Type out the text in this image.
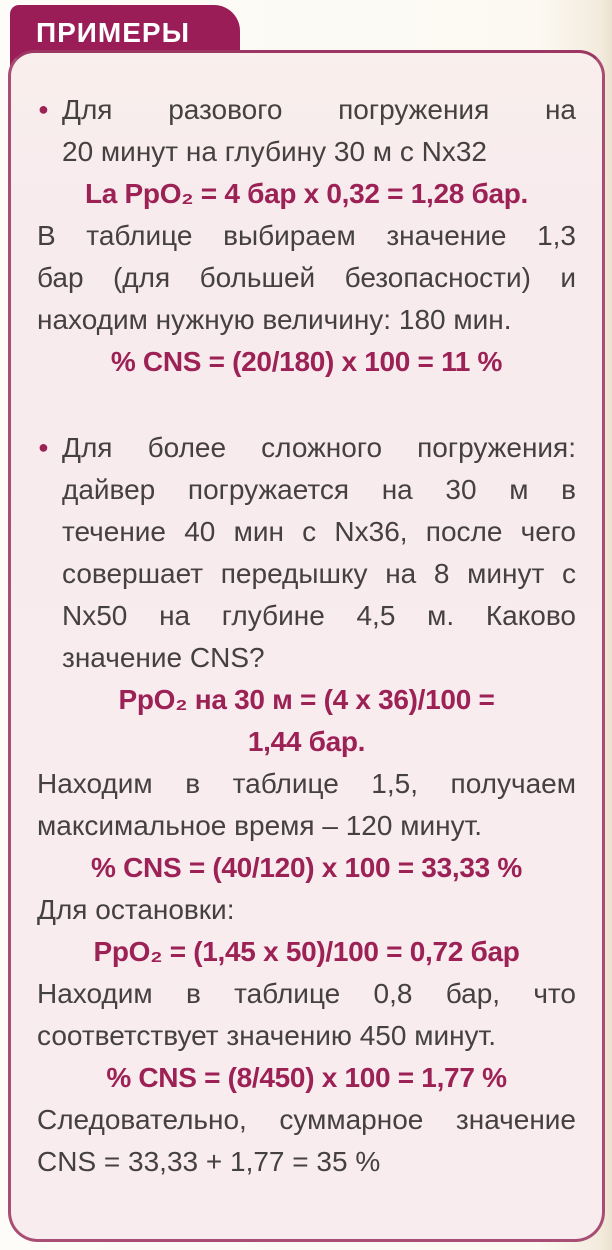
ПРИМЕРЫ
● Для разового погружения на
20 минут на глубину 30 м с Nx32
La PpO₂ = 4 бар х 0,32 = 1,28 бар.
В таблице выбираем значение 1,3
бар (для большей безопасности) и
находим нужную величину: 180 мин.
% CNS = (20/180) х 100 = 11 %
● Для более сложного погружения:
дайвер погружается на 30 м в
течение 40 мин с Nx36, после чего
совершает передышку на 8 минут с
Nx50 на глубине 4,5 м. Каково
значение CNS?
PpO₂ на 30 м = (4 х 36)/100 =
1,44 бар.
Находим в таблице 1,5, получаем
максимальное время – 120 минут.
% CNS = (40/120) х 100 = 33,33 %
Для остановки:
PpO₂ = (1,45 х 50)/100 = 0,72 бар
Находим в таблице 0,8 бар, что
соответствует значению 450 минут.
% CNS = (8/450) х 100 = 1,77 %
Следовательно, суммарное значение
CNS = 33,33 + 1,77 = 35 %
